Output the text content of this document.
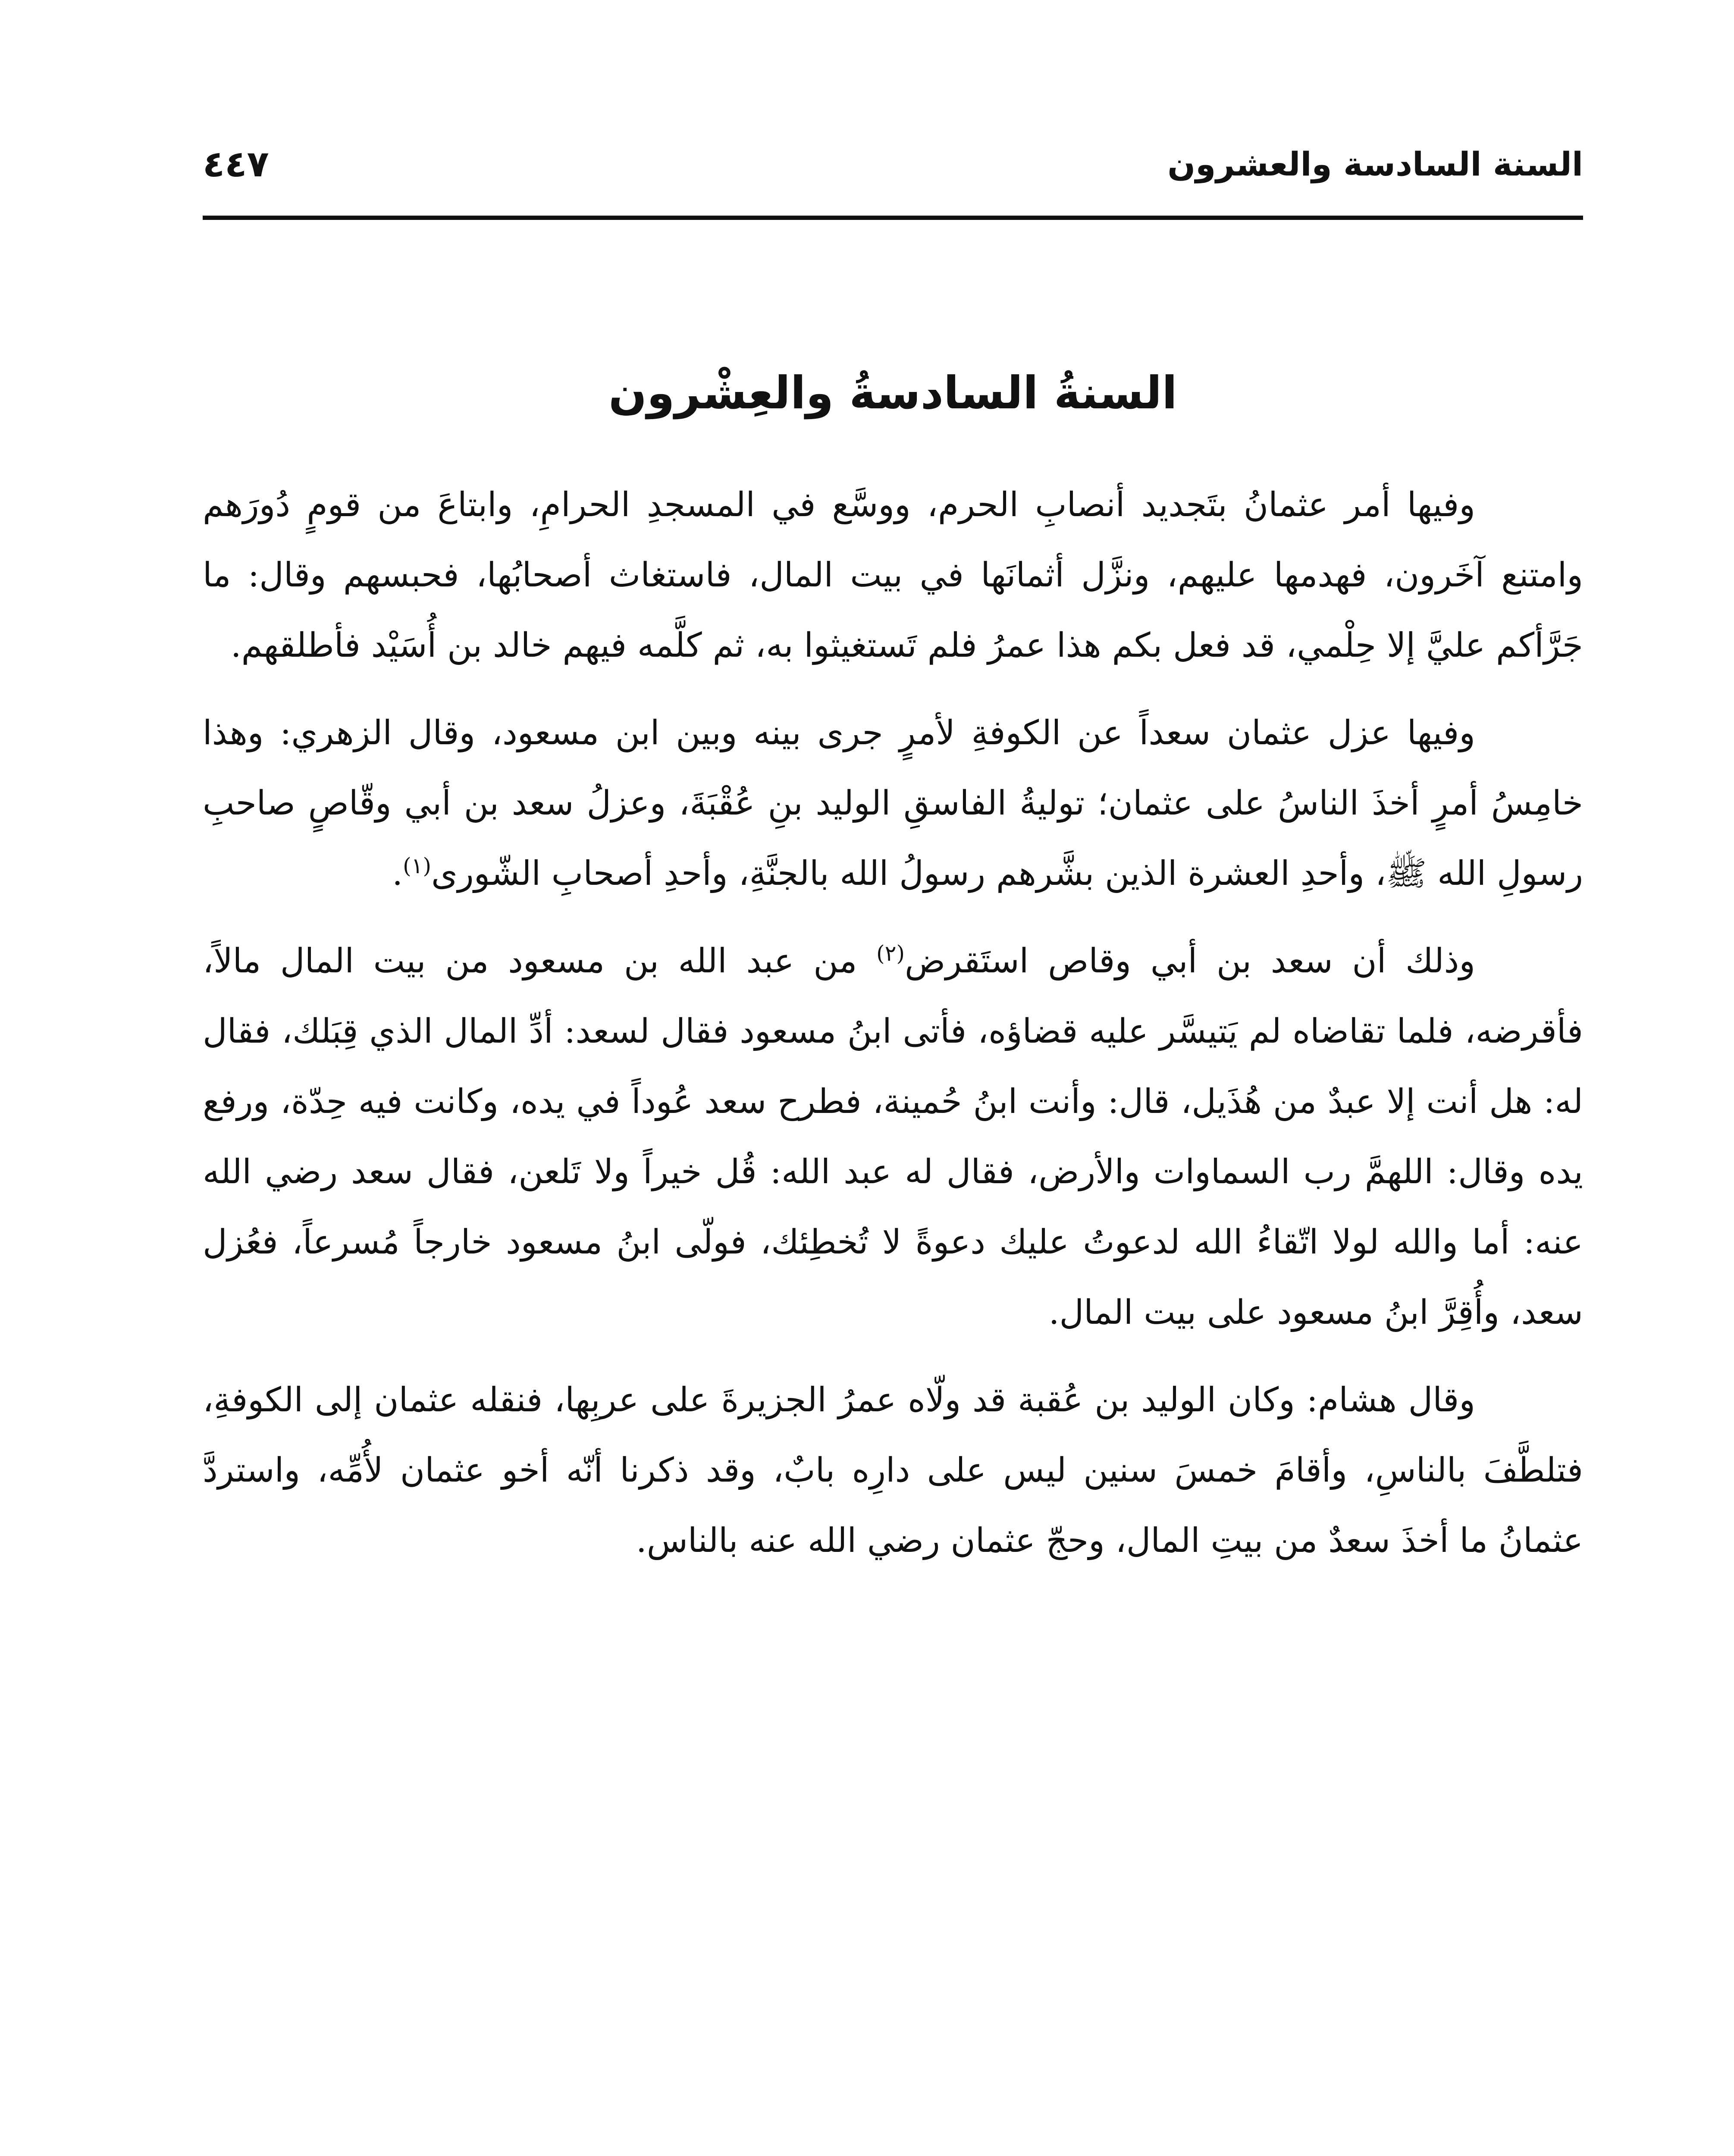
السنة السادسة والعشرون
٤٤٧
السنةُ السادسةُ والعِشْرون

وفيها أمر عثمانُ بتَجديد أنصابِ الحرم، ووسَّع في المسجدِ الحرامِ، وابتاعَ من قومٍ دُورَهم وامتنع آخَرون، فهدمها عليهم، ونزَّل أثمانَها في بيت المال، فاستغاث أصحابُها، فحبسهم وقال: ما جَرَّأكم عليَّ إلا حِلْمي، قد فعل بكم هذا عمرُ فلم تَستغيثوا به، ثم كلَّمه فيهم خالد بن أُسَيْد فأطلقهم.

وفيها عزل عثمان سعداً عن الكوفةِ لأمرٍ جرى بينه وبين ابن مسعود، وقال الزهري: وهذا خامِسُ أمرٍ أخذَ الناسُ على عثمان؛ توليةُ الفاسقِ الوليد بنِ عُقْبَةَ، وعزلُ سعد بن أبي وقّاصٍ صاحبِ رسولِ الله ﷺ، وأحدِ العشرة الذين بشَّرهم رسولُ الله بالجنَّةِ، وأحدِ أصحابِ الشّورى$^{(١)}$.

وذلك أن سعد بن أبي وقاص استَقرض$^{(٢)}$ من عبد الله بن مسعود من بيت المال مالاً، فأقرضه، فلما تقاضاه لم يَتيسَّر عليه قضاؤه، فأتى ابنُ مسعود فقال لسعد: أدِّ المال الذي قِبَلك، فقال له: هل أنت إلا عبدٌ من هُذَيل، قال: وأنت ابنُ حُمينة، فطرح سعد عُوداً في يده، وكانت فيه حِدّة، ورفع يده وقال: اللهمَّ رب السماوات والأرض، فقال له عبد الله: قُل خيراً ولا تَلعن، فقال سعد رضي الله عنه: أما والله لولا اتّقاءُ الله لدعوتُ عليك دعوةً لا تُخطِئك، فولّى ابنُ مسعود خارجاً مُسرعاً، فعُزل سعد، وأُقِرَّ ابنُ مسعود على بيت المال.

وقال هشام: وكان الوليد بن عُقبة قد ولّاه عمرُ الجزيرةَ على عربِها، فنقله عثمان إلى الكوفةِ، فتلطَّفَ بالناسِ، وأقامَ خمسَ سنين ليس على دارِه بابٌ، وقد ذكرنا أنّه أخو عثمان لأُمِّه، واستردَّ عثمانُ ما أخذَ سعدٌ من بيتِ المال، وحجّ عثمان رضي الله عنه بالناس.
